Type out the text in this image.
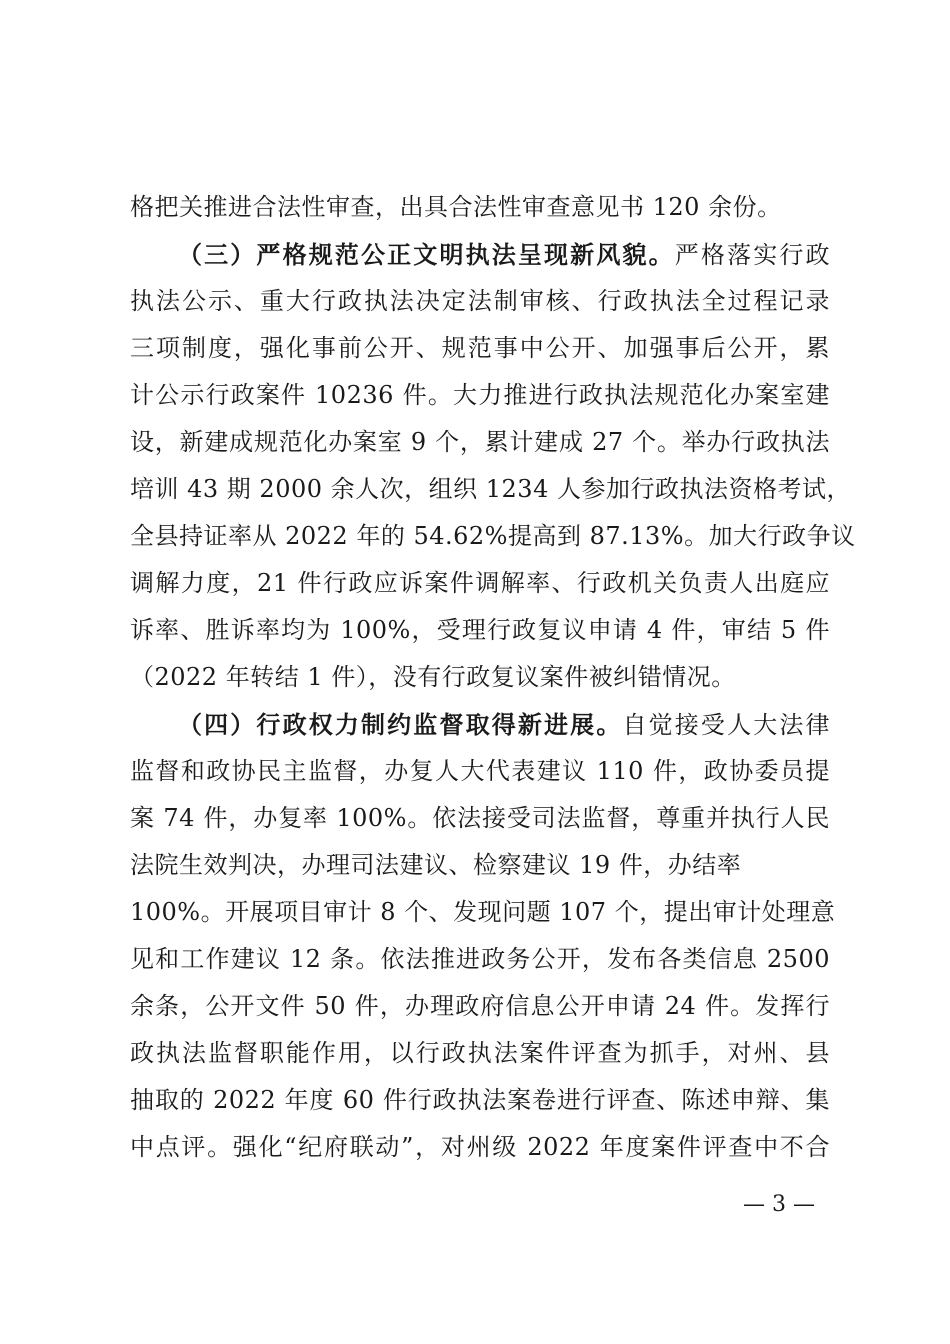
格把关推进合法性审查，出具合法性审查意见书 120 余份。
（三）严格规范公正文明执法呈现新风貌。严格落实行政
执法公示、重大行政执法决定法制审核、行政执法全过程记录
三项制度，强化事前公开、规范事中公开、加强事后公开，累
计公示行政案件 10236 件。大力推进行政执法规范化办案室建
设，新建成规范化办案室 9 个，累计建成 27 个。举办行政执法
培训 43 期 2000 余人次，组织 1234 人参加行政执法资格考试，
全县持证率从 2022 年的 54.62%提高到 87.13%。加大行政争议
调解力度，21 件行政应诉案件调解率、行政机关负责人出庭应
诉率、胜诉率均为 100%，受理行政复议申请 4 件，审结 5 件
（2022 年转结 1 件），没有行政复议案件被纠错情况。
（四）行政权力制约监督取得新进展。自觉接受人大法律
监督和政协民主监督，办复人大代表建议 110 件，政协委员提
案 74 件，办复率 100%。依法接受司法监督，尊重并执行人民
法院生效判决，办理司法建议、检察建议 19 件，办结率
100%。开展项目审计 8 个、发现问题 107 个，提出审计处理意
见和工作建议 12 条。依法推进政务公开，发布各类信息 2500
余条，公开文件 50 件，办理政府信息公开申请 24 件。发挥行
政执法监督职能作用，以行政执法案件评查为抓手，对州、县
抽取的 2022 年度 60 件行政执法案卷进行评查、陈述申辩、集
中点评。强化“纪府联动”，对州级 2022 年度案件评查中不合
— 3 —
